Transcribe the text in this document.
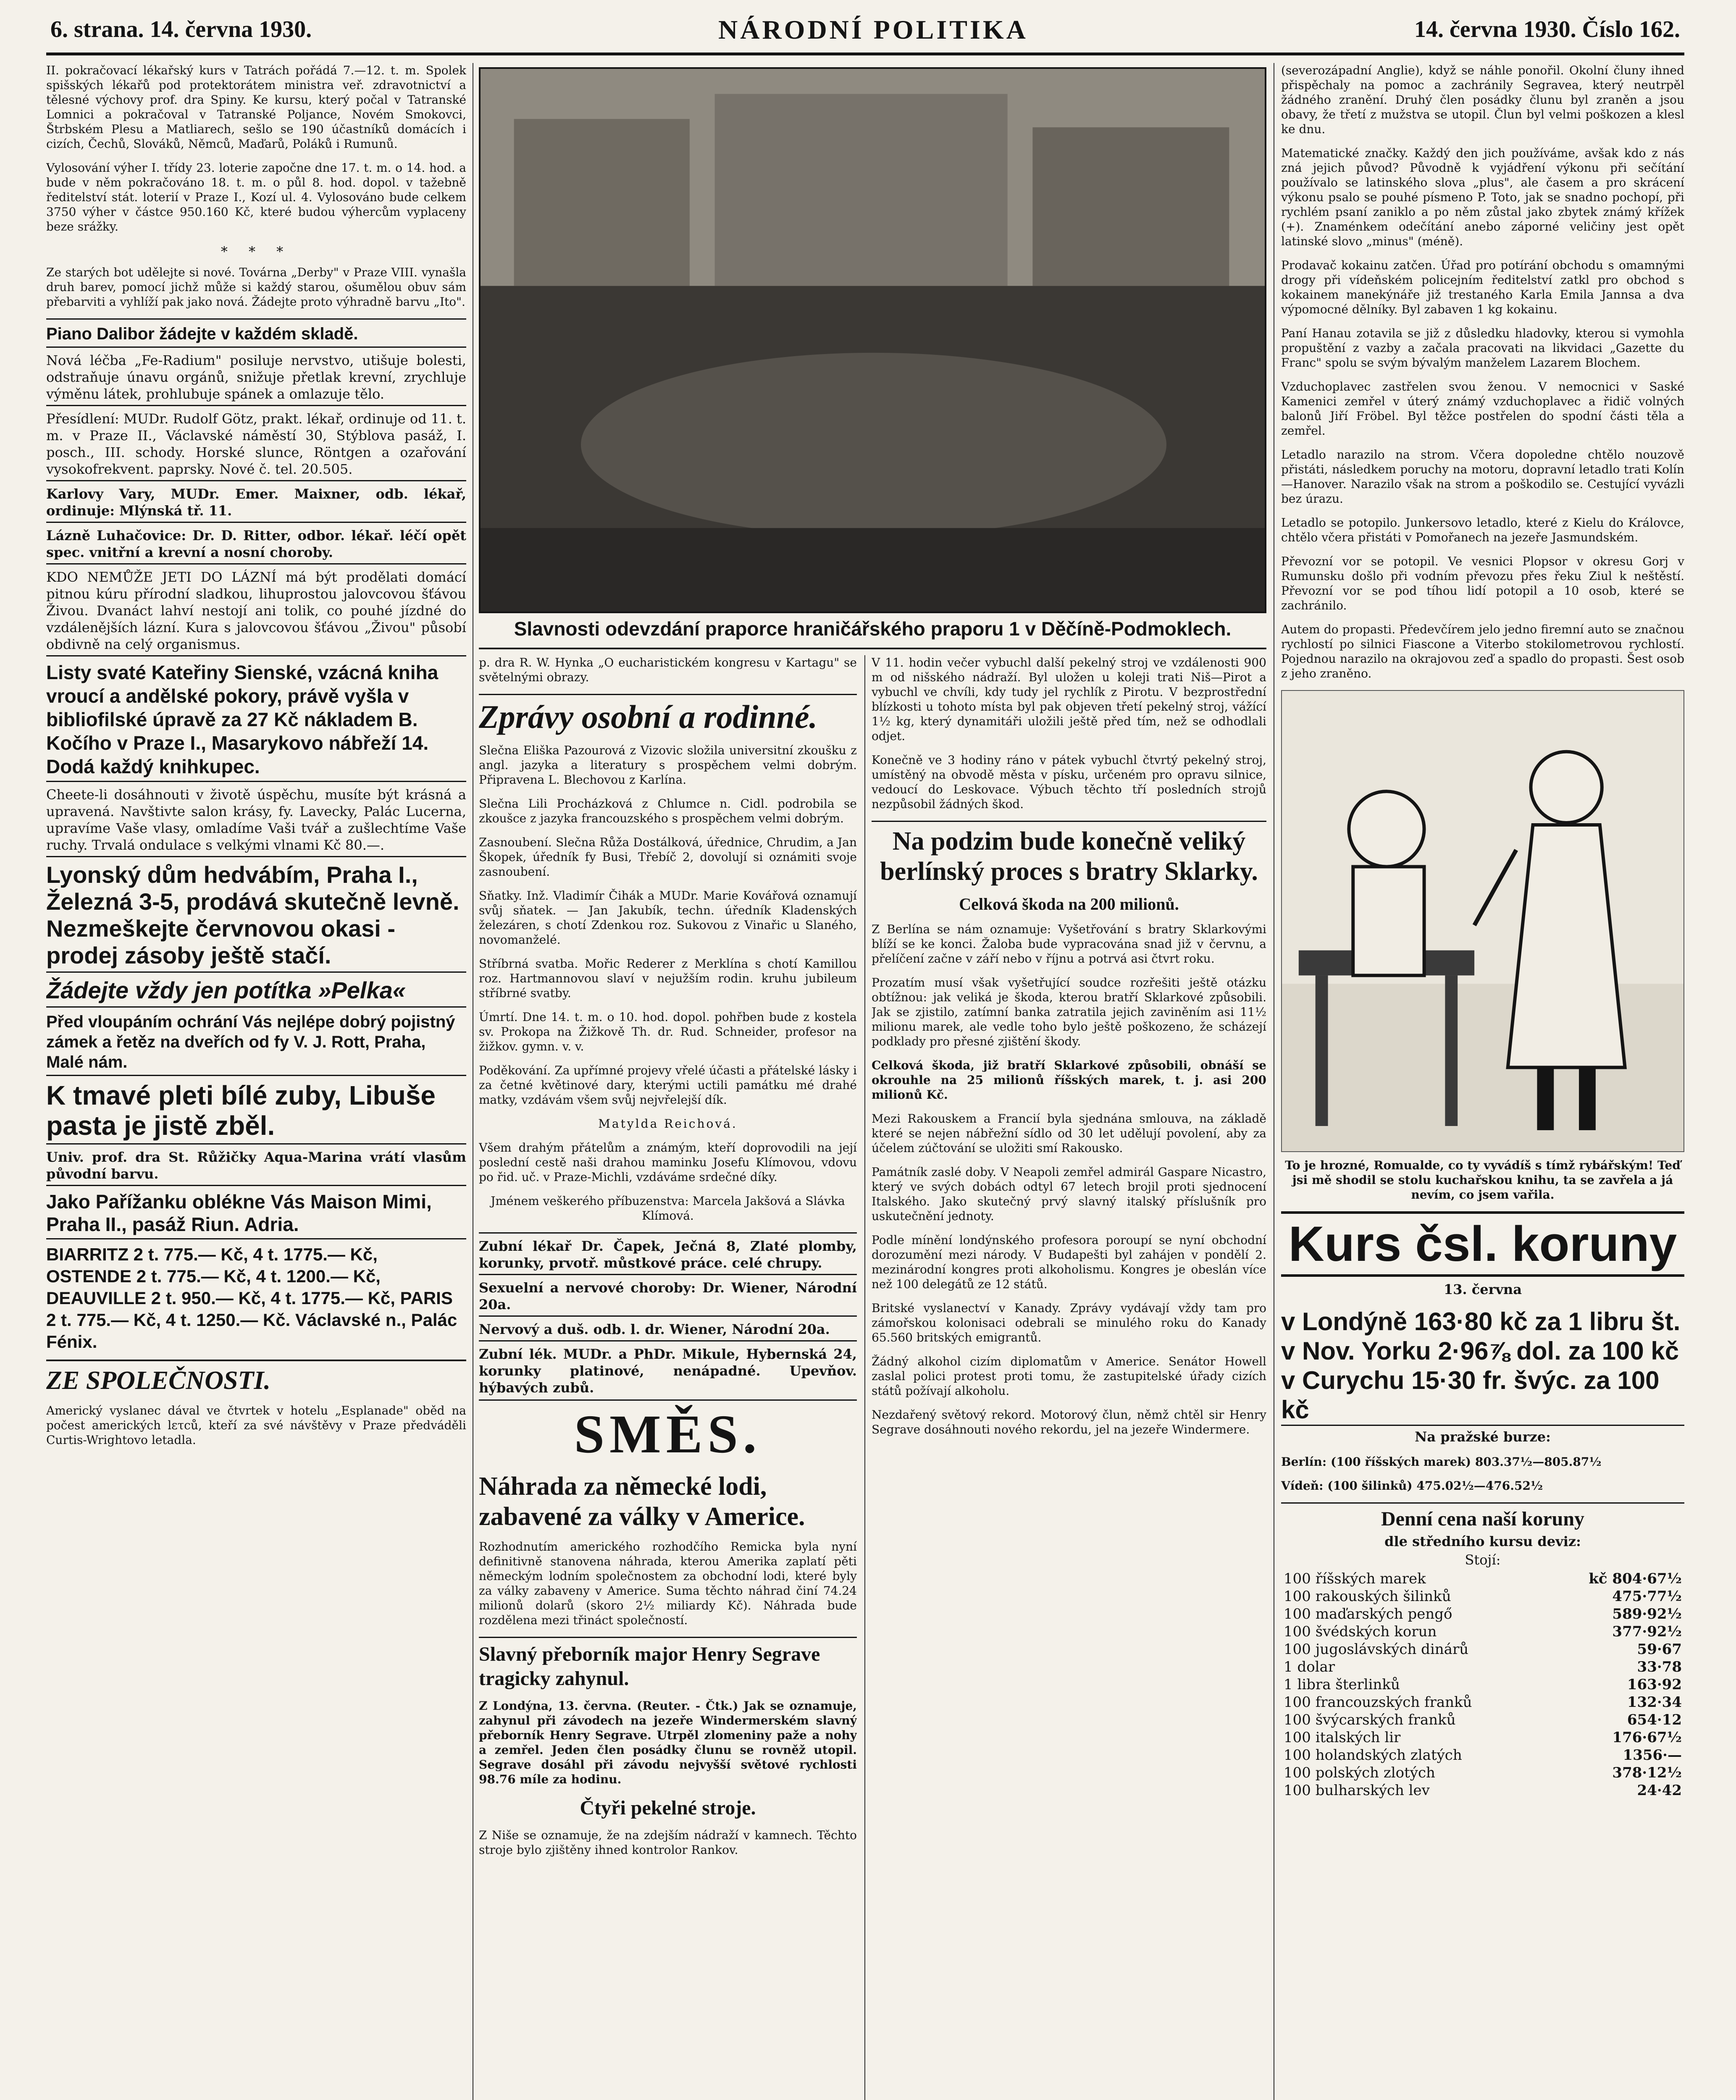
6. strana. 14. června 1930.	NÁRODNÍ POLITIKA	14. června 1930. Číslo 162.

II. pokračovací lékařský kurs v Tatrách pořádá 7.—12. t. m. Spolek spišských lékařů pod protektorátem ministra veř. zdravotnictví a tělesné výchovy prof. dra Spiny. Ke kursu, který počal v Tatranské Lomnici a pokračoval v Tatranské Poljance, Novém Smokovci, Štrbském Plesu a Matliarech, sešlo se 190 účastníků domácích i cizích, Čechů, Slováků, Němců, Maďarů, Poláků i Rumunů.

Vylosování výher I. třídy 23. loterie započne dne 17. t. m. o 14. hod. a bude v něm pokračováno 18. t. m. o půl 8. hod. dopol. v tažebně ředitelství stát. loterií v Praze I., Kozí ul. 4. Vylosováno bude celkem 3750 výher v částce 950.160 Kč, které budou výhercům vyplaceny beze srážky.

* * *

Ze starých bot udělejte si nové. Továrna „Derby" v Praze VIII. vynašla druh barev, pomocí jichž může si každý starou, ošumělou obuv sám přebarviti a vyhlíží pak jako nová. Žádejte proto výhradně barvu „Ito".

Piano Dalibor žádejte v každém skladě.
Nová léčba „Fe-Radium" posiluje nervstvo, utišuje bolesti, odstraňuje únavu orgánů, snižuje přetlak krevní, zrychluje výměnu látek, prohlubuje spánek a omlazuje tělo.
Přesídlení: MUDr. Rudolf Götz, prakt. lékař, ordinuje od 11. t. m. v Praze II., Václavské náměstí 30, Stýblova pasáž, I. posch., III. schody. Horské slunce, Röntgen a ozařování vysokofrekvent. paprsky. Nové č. tel. 20.505.
Karlovy Vary, MUDr. Emer. Maixner, odb. lékař, ordinuje: Mlýnská tř. 11.
Lázně Luhačovice: Dr. D. Ritter, odbor. lékař. léčí opět spec. vnitřní a krevní a nosní choroby.
KDO NEMŮŽE JETI DO LÁZNÍ má být prodělati domácí pitnou kúru přírodní sladkou, lihuprostou jalovcovou šťávou Živou. Dvanáct lahví nestojí ani tolik, co pouhé jízdné do vzdálenějších lázní. Kura s jalovcovou šťávou „Živou" působí obdivně na celý organismus.
Listy svaté Kateřiny Sienské, vzácná kniha vroucí a andělské pokory, právě vyšla v bibliofilské úpravě za 27 Kč nákladem B. Kočího v Praze I., Masarykovo nábřeží 14. Dodá každý knihkupec.
Cheete-li dosáhnouti v životě úspěchu, musíte být krásná a upravená. Navštivte salon krásy, fy. Lavecky, Palác Lucerna, upravíme Vaše vlasy, omladíme Vaši tvář a zušlechtíme Vaše ruchy. Trvalá ondulace s velkými vlnami Kč 80.—.
Lyonský dům hedvábím, Praha I., Železná 3-5, prodává skutečně levně. Nezmeškejte červnovou okasi - prodej zásoby ještě stačí.
Žádejte vždy jen potítka »Pelka«
Před vloupáním ochrání Vás nejlépe dobrý pojistný zámek a řetěz na dveřích od fy V. J. Rott, Praha, Malé nám.
K tmavé pleti bílé zuby, Libuše pasta je jistě zběl.
Univ. prof. dra St. Růžičky Aqua-Marina vrátí vlasům původní barvu.
Jako Pařížanku oblékne Vás Maison Mimi, Praha II., pasáž Riun. Adria.
BIARRITZ 2 t. 775.— Kč, 4 t. 1775.— Kč, OSTENDE 2 t. 775.— Kč, 4 t. 1200.— Kč, DEAUVILLE 2 t. 950.— Kč, 4 t. 1775.— Kč, PARIS 2 t. 775.— Kč, 4 t. 1250.— Kč. Václavské n., Palác Fénix.
ZE SPOLEČNOSTI.

Americký vyslanec dával ve čtvrtek v hotelu „Esplanade" oběd na počest amerických lετců, kteří za své návštěvy v Praze předváděli Curtis-Wrightovo letadla.

Slavnosti odevzdání praporce hraničářského praporu 1 v Děčíně-Podmoklech.

p. dra R. W. Hynka „O eucharistickém kongresu v Kartagu" se světelnými obrazy.

Zprávy osobní a rodinné.

Slečna Eliška Pazourová z Vizovic složila universitní zkoušku z angl. jazyka a literatury s prospěchem velmi dobrým. Připravena L. Blechovou z Karlína.

Slečna Lili Procházková z Chlumce n. Cidl. podrobila se zkoušce z jazyka francouzského s prospěchem velmi dobrým.

Zasnoubení. Slečna Růža Dostálková, úřednice, Chrudim, a Jan Škopek, úředník fy Busi, Třebíč 2, dovolují si oznámiti svoje zasnoubení.

Sňatky. Inž. Vladimír Čihák a MUDr. Marie Kovářová oznamují svůj sňatek. — Jan Jakubík, techn. úředník Kladenských železáren, s chotí Zdenkou roz. Sukovou z Vinařic u Slaného, novomanželé.

Stříbrná svatba. Mořic Rederer z Merklína s chotí Kamillou roz. Hartmannovou slaví v nejužším rodin. kruhu jubileum stříbrné svatby.

Úmrtí. Dne 14. t. m. o 10. hod. dopol. pohřben bude z kostela sv. Prokopa na Žižkově Th. dr. Rud. Schneider, profesor na žižkov. gymn. v. v.

Poděkování. Za upřímné projevy vřelé účasti a přátelské lásky i za četné květinové dary, kterými uctili památku mé drahé matky, vzdávám všem svůj nejvřelejší dík.

Matylda Reichová.

Všem drahým přátelům a známým, kteří doprovodili na její poslední cestě naši drahou maminku Josefu Klímovou, vdovu po řid. uč. v Praze-Michli, vzdáváme srdečné díky.

Jménem veškerého příbuzenstva: Marcela Jakšová a Slávka Klímová.

Zubní lékař Dr. Čapek, Ječná 8, Zlaté plomby, korunky, prvotř. můstkové práce. celé chrupy.
Sexuelní a nervové choroby: Dr. Wiener, Národní 20a.
Nervový a duš. odb. l. dr. Wiener, Národní 20a.
Zubní lék. MUDr. a PhDr. Mikule, Hybernská 24, korunky platinové, nenápadné. Upevňov. hýbavých zubů.
SMĚS.
Náhrada za německé lodi, zabavené za války v Americe.

Rozhodnutím amerického rozhodčího Remicka byla nyní definitivně stanovena náhrada, kterou Amerika zaplatí pěti německým lodním společnostem za obchodní lodi, které byly za války zabaveny v Americe. Suma těchto náhrad činí 74.24 milionů dolarů (skoro 2½ miliardy Kč). Náhrada bude rozdělena mezi třináct společností.

Slavný přeborník major Henry Segrave tragicky zahynul.

Z Londýna, 13. června. (Reuter. - Čtk.) Jak se oznamuje, zahynul při závodech na jezeře Windermerském slavný přeborník Henry Segrave. Utrpěl zlomeniny paže a nohy a zemřel. Jeden člen posádky člunu se rovněž utopil. Segrave dosáhl při závodu nejvyšší světové rychlosti 98.76 míle za hodinu.

Čtyři pekelné stroje.

Z Niše se oznamuje, že na zdejším nádraží v kamnech. Těchto stroje bylo zjištěny ihned kontrolor Rankov.

V 11. hodin večer vybuchl další pekelný stroj ve vzdálenosti 900 m od nišského nádraží. Byl uložen u koleji trati Niš—Pirot a vybuchl ve chvíli, kdy tudy jel rychlík z Pirotu. V bezprostřední blízkosti u tohoto místa byl pak objeven třetí pekelný stroj, vážící 1½ kg, který dynamitáři uložili ještě před tím, než se odhodlali odjet.

Konečně ve 3 hodiny ráno v pátek vybuchl čtvrtý pekelný stroj, umístěný na obvodě města v písku, určeném pro opravu silnice, vedoucí do Leskovace. Výbuch těchto tří posledních strojů nezpůsobil žádných škod.

Na podzim bude konečně veliký berlínský proces s bratry Sklarky.
Celková škoda na 200 milionů.

Z Berlína se nám oznamuje: Vyšetřování s bratry Sklarkovými blíží se ke konci. Žaloba bude vypracována snad již v červnu, a přelíčení začne v září nebo v říjnu a potrvá asi čtvrt roku.

Prozatím musí však vyšetřující soudce rozřešiti ještě otázku obtížnou: jak veliká je škoda, kterou bratří Sklarkové způsobili. Jak se zjistilo, zatímní banka zatratila jejich zaviněním asi 11½ milionu marek, ale vedle toho bylo ještě poškozeno, že scházejí podklady pro přesné zjištění škody.

Celková škoda, již bratří Sklarkové způsobili, obnáší se okrouhle na 25 milionů říšských marek, t. j. asi 200 milionů Kč.

Mezi Rakouskem a Francií byla sjednána smlouva, na základě které se nejen nábřežní sídlo od 30 let udělují povolení, aby za účelem zúčtování se uložiti smí Rakousko.

Památník zaslé doby. V Neapoli zemřel admirál Gaspare Nicastro, který ve svých dobách odtyl 67 letech brojil proti sjednocení Italského. Jako skutečný prvý slavný italský příslušník pro uskutečnění jednoty.

Podle mínění londýnského profesora poroupí se nyní obchodní dorozumění mezi národy. V Budapešti byl zahájen v pondělí 2. mezinárodní kongres proti alkoholismu. Kongres je obeslán více než 100 delegátů ze 12 států.

Britské vyslanectví v Kanady. Zprávy vydávají vždy tam pro zámořskou kolonisaci odebrali se minulého roku do Kanady 65.560 britských emigrantů.

Žádný alkohol cizím diplomatům v Americe. Senátor Howell zaslal polici protest proti tomu, že zastupitelské úřady cizích států požívají alkoholu.

Nezdařený světový rekord. Motorový člun, němž chtěl sir Henry Segrave dosáhnouti nového rekordu, jel na jezeře Windermere.

(severozápadní Anglie), když se náhle ponořil. Okolní čluny ihned přispěchaly na pomoc a zachránily Segravea, který neutrpěl žádného zranění. Druhý člen posádky člunu byl zraněn a jsou obavy, že třetí z mužstva se utopil. Člun byl velmi poškozen a klesl ke dnu.

Matematické značky. Každý den jich používáme, avšak kdo z nás zná jejich původ? Původně k vyjádření výkonu při sečítání používalo se latinského slova „plus", ale časem a pro skrácení výkonu psalo se pouhé písmeno P. Toto, jak se snadno pochopí, při rychlém psaní zaniklo a po něm zůstal jako zbytek známý křížek (+). Znaménkem odečítání anebo záporné veličiny jest opět latinské slovo „minus" (méně).

Prodavač kokainu zatčen. Úřad pro potírání obchodu s omamnými drogy při vídeňském policejním ředitelství zatkl pro obchod s kokainem manekýnáře již trestaného Karla Emila Jannsa a dva výpomocné dělníky. Byl zabaven 1 kg kokainu.

Paní Hanau zotavila se již z důsledku hladovky, kterou si vymohla propuštění z vazby a začala pracovati na likvidaci „Gazette du Franc" spolu se svým bývalým manželem Lazarem Blochem.

Vzduchoplavec zastřelen svou ženou. V nemocnici v Saské Kamenici zemřel v úterý známý vzduchoplavec a řidič volných balonů Jiří Fröbel. Byl těžce postřelen do spodní části těla a zemřel.

Letadlo narazilo na strom. Včera dopoledne chtělo nouzově přistáti, následkem poruchy na motoru, dopravní letadlo trati Kolín—Hanover. Narazilo však na strom a poškodilo se. Cestující vyvázli bez úrazu.

Letadlo se potopilo. Junkersovo letadlo, které z Kielu do Královce, chtělo včera přistáti v Pomořanech na jezeře Jasmundském.

Převozní vor se potopil. Ve vesnici Plopsor v okresu Gorj v Rumunsku došlo při vodním převozu přes řeku Ziul k neštěstí. Převozní vor se pod tíhou lidí potopil a 10 osob, které se zachránilo.

Autem do propasti. Předevčírem jelo jedno firemní auto se značnou rychlostí po silnici Fiascone a Viterbo stokilometrovou rychlostí. Pojednou narazilo na okrajovou zeď a spadlo do propasti. Šest osob z jeho zraněno.

To je hrozné, Romualde, co ty vyvádíš s tímž rybářským! Teď jsi mě shodil se stolu kuchařskou knihu, ta se zavřela a já nevím, co jsem vařila.

Kurs čsl. koruny

13. června

v Londýně 163·80 kč za 1 libru št.

v Nov. Yorku 2·96⅞ dol. za 100 kč

v Curychu 15·30 fr. švýc. za 100 kč

Na pražské burze:

Berlín: (100 říšských marek) 803.37½—805.87½

Vídeň: (100 šilinků) 475.02½—476.52½

Denní cena naší koruny

dle středního kursu deviz:

Stojí:

100 říšských marek	kč 804·67½
100 rakouských šilinků	475·77½
100 maďarských pengő	589·92½
100 švédských korun	377·92½
100 jugoslávských dinárů	59·67
1 dolar	33·78
1 libra šterlinků	163·92
100 francouzských franků	132·34
100 švýcarských franků	654·12
100 italských lir	176·67½
100 holandských zlatých	1356·—
100 polských zlotých	378·12½
100 bulharských lev	24·42
